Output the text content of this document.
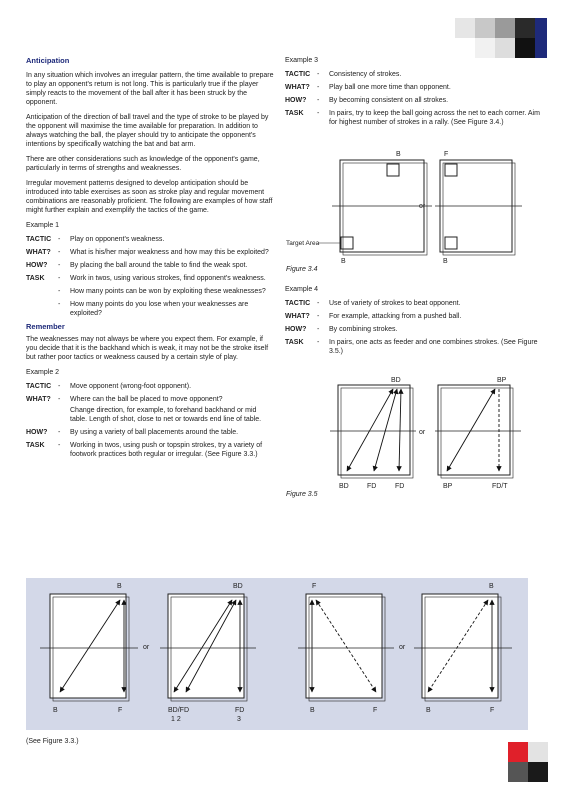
Anticipation
In any situation which involves an irregular pattern, the time available to prepare to play an opponent's return is not long. This is particularly true if the player simply reacts to the movement of the ball after it has been struck by the opponent.
Anticipation of the direction of ball travel and the type of stroke to be played by the opponent will maximise the time available for preparation. In addition to always watching the ball, the player should try to anticipate the opponent's intentions by specifically watching the bat and bat arm.
There are other considerations such as knowledge of the opponent's game, particularly in terms of strengths and weaknesses.
Irregular movement patterns designed to develop anticipation should be introduced into table exercises as soon as stroke play and regular movement combinations are reasonably proficient. The following are examples of how staff might further explain and exemplify the tactics of the game.
Example 1
TACTIC -	Play on opponent's weakness.
WHAT?	-	What is his/her major weakness and how may this be exploited?
HOW?	-	By placing the ball around the table to find the weak spot.
TASK	-	Work in twos, using various strokes, find opponent's weakness.
-	How many points can be won by exploiting these weaknesses?
-	How many points do you lose when your weaknesses are exploited?
Remember
The weaknesses may not always be where you expect them. For example, if you decide that it is the backhand which is weak, it may not be the stroke itself but rather poor tactics or weakness caused by a certain style of play.
Example 2
TACTIC -	Move opponent (wrong-foot opponent).
WHAT?	-	Where can the ball be placed to move opponent?
Change direction, for example, to forehand backhand or mid table. Length of shot, close to net or towards end line of table.
HOW?	-	By using a variety of ball placements around the table.
TASK	-	Working in twos, using push or topspin strokes, try a variety of footwork practices both regular or irregular. (See Figure 3.3.)
Example 3
TACTIC -	Consistency of strokes.
WHAT?	-	Play ball one more time than opponent.
HOW?	-	By becoming consistent on all strokes.
TASK	-	In pairs, try to keep the ball going across the net to each corner. Aim for highest number of strokes in a rally. (See Figure 3.4.)
B	F
or
Target Area
B	B
Figure 3.4
Example 4
TACTIC -	Use of variety of strokes to beat opponent.
WHAT?	-	For example, attacking from a pushed ball.
HOW?	-	By combining strokes.
TASK	-	In pairs, one acts as feeder and one combines strokes. (See Figure 3.5.)
BD	BP
or
BD	FD	FD	BP	FD/T
Figure 3.5
B	BD	F	B
or	or
B	F	BD/FD	FD
1 2	3
B	F	B	F
(See Figure 3.3.)
